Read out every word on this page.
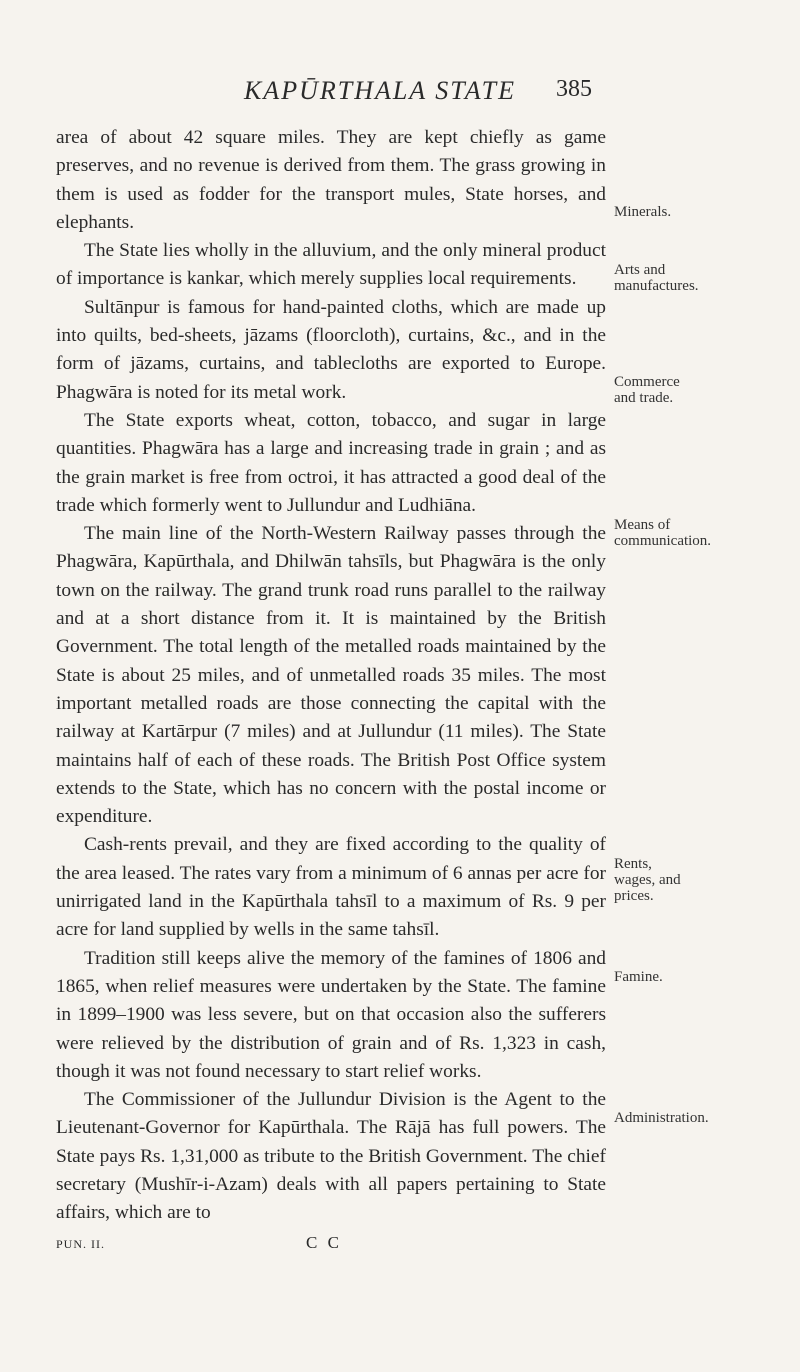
KAPŪRTHALA STATE	385

area of about 42 square miles. They are kept chiefly as game preserves, and no revenue is derived from them. The grass growing in them is used as fodder for the transport mules, State horses, and elephants.

The State lies wholly in the alluvium, and the only mineral product of importance is kankar, which merely supplies local requirements.

Sultānpur is famous for hand-painted cloths, which are made up into quilts, bed-sheets, jāzams (floorcloth), curtains, &c., and in the form of jāzams, curtains, and tablecloths are exported to Europe. Phagwāra is noted for its metal work.

The State exports wheat, cotton, tobacco, and sugar in large quantities. Phagwāra has a large and increasing trade in grain ; and as the grain market is free from octroi, it has attracted a good deal of the trade which formerly went to Jullundur and Ludhiāna.

The main line of the North-Western Railway passes through the Phagwāra, Kapūrthala, and Dhilwān tahsīls, but Phagwāra is the only town on the railway. The grand trunk road runs parallel to the railway and at a short distance from it. It is maintained by the British Government. The total length of the metalled roads maintained by the State is about 25 miles, and of unmetalled roads 35 miles. The most important metalled roads are those connecting the capital with the railway at Kartārpur (7 miles) and at Jullundur (11 miles). The State maintains half of each of these roads. The British Post Office system extends to the State, which has no concern with the postal income or expenditure.

Cash-rents prevail, and they are fixed according to the quality of the area leased. The rates vary from a minimum of 6 annas per acre for unirrigated land in the Kapūrthala tahsīl to a maximum of Rs. 9 per acre for land supplied by wells in the same tahsīl.

Tradition still keeps alive the memory of the famines of 1806 and 1865, when relief measures were undertaken by the State. The famine in 1899–1900 was less severe, but on that occasion also the sufferers were relieved by the distribution of grain and of Rs. 1,323 in cash, though it was not found necessary to start relief works.

The Commissioner of the Jullundur Division is the Agent to the Lieutenant-Governor for Kapūrthala. The Rājā has full powers. The State pays Rs. 1,31,000 as tribute to the British Government. The chief secretary (Mushīr-i-Azam) deals with all papers pertaining to State affairs, which are to

Minerals.
Arts and manufactures.
Commerce and trade.
Means of communication.
Rents, wages, and prices.
Famine.
Administration.
PUN. II.	C C
